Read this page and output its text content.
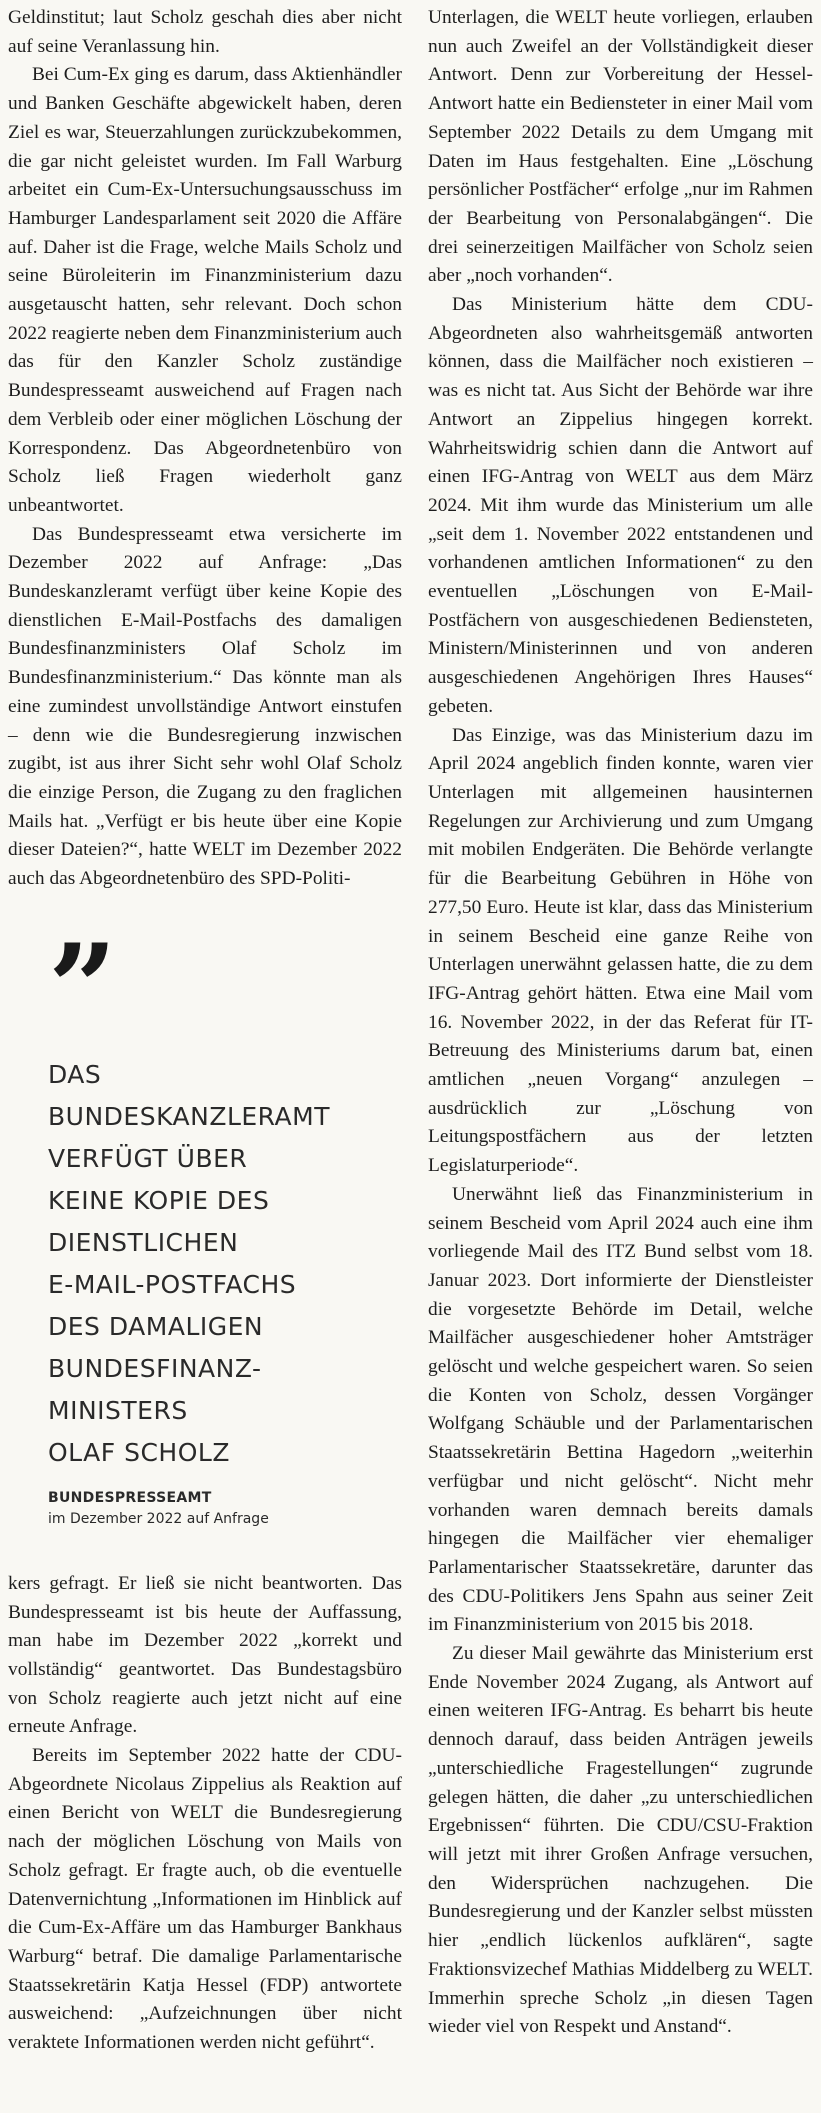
Geldinstitut; laut Scholz geschah dies aber nicht auf seine Veranlassung hin.

Bei Cum-Ex ging es darum, dass Aktienhändler und Banken Geschäfte abgewickelt haben, deren Ziel es war, Steuerzahlungen zurückzubekommen, die gar nicht geleistet wurden. Im Fall Warburg arbeitet ein Cum-Ex-Untersuchungsausschuss im Hamburger Landesparlament seit 2020 die Affäre auf. Daher ist die Frage, welche Mails Scholz und seine Büroleiterin im Finanzministerium dazu ausgetauscht hatten, sehr relevant. Doch schon 2022 reagierte neben dem Finanzministerium auch das für den Kanzler Scholz zuständige Bundespresseamt ausweichend auf Fragen nach dem Verbleib oder einer möglichen Löschung der Korrespondenz. Das Abgeordnetenbüro von Scholz ließ Fragen wiederholt ganz unbeantwortet.

Das Bundespresseamt etwa versicherte im Dezember 2022 auf Anfrage: „Das Bundeskanzleramt verfügt über keine Kopie des dienstlichen E-Mail-Postfachs des damaligen Bundesfinanzministers Olaf Scholz im Bundesfinanzministerium.“ Das könnte man als eine zumindest unvollständige Antwort einstufen – denn wie die Bundesregierung inzwischen zugibt, ist aus ihrer Sicht sehr wohl Olaf Scholz die einzige Person, die Zugang zu den fraglichen Mails hat. „Verfügt er bis heute über eine Kopie dieser Dateien?“, hatte WELT im Dezember 2022 auch das Abgeordnetenbüro des SPD-Politi-

”
DAS
BUNDESKANZLERAMT
VERFÜGT ÜBER
KEINE KOPIE DES
DIENSTLICHEN
E-MAIL-POSTFACHS
DES DAMALIGEN
BUNDESFINANZ-
MINISTERS
OLAF SCHOLZ
BUNDESPRESSEAMT
im Dezember 2022 auf Anfrage

kers gefragt. Er ließ sie nicht beantworten. Das Bundespresseamt ist bis heute der Auffassung, man habe im Dezember 2022 „korrekt und vollständig“ geantwortet. Das Bundestagsbüro von Scholz reagierte auch jetzt nicht auf eine erneute Anfrage.

Bereits im September 2022 hatte der CDU-Abgeordnete Nicolaus Zippelius als Reaktion auf einen Bericht von WELT die Bundesregierung nach der möglichen Löschung von Mails von Scholz gefragt. Er fragte auch, ob die eventuelle Datenvernichtung „Informationen im Hinblick auf die Cum-Ex-Affäre um das Hamburger Bankhaus Warburg“ betraf. Die damalige Parlamentarische Staatssekretärin Katja Hessel (FDP) antwortete ausweichend: „Aufzeichnungen über nicht veraktete Informationen werden nicht geführt“.

Unterlagen, die WELT heute vorliegen, erlauben nun auch Zweifel an der Vollständigkeit dieser Antwort. Denn zur Vorbereitung der Hessel-Antwort hatte ein Bediensteter in einer Mail vom September 2022 Details zu dem Umgang mit Daten im Haus festgehalten. Eine „Löschung persönlicher Postfächer“ erfolge „nur im Rahmen der Bearbeitung von Personalabgängen“. Die drei seinerzeitigen Mailfächer von Scholz seien aber „noch vorhanden“.

Das Ministerium hätte dem CDU-Abgeordneten also wahrheitsgemäß antworten können, dass die Mailfächer noch existieren – was es nicht tat. Aus Sicht der Behörde war ihre Antwort an Zippelius hingegen korrekt. Wahrheitswidrig schien dann die Antwort auf einen IFG-Antrag von WELT aus dem März 2024. Mit ihm wurde das Ministerium um alle „seit dem 1. November 2022 entstandenen und vorhandenen amtlichen Informationen“ zu den eventuellen „Löschungen von E-Mail-Postfächern von ausgeschiedenen Bediensteten, Ministern/Ministerinnen und von anderen ausgeschiedenen Angehörigen Ihres Hauses“ gebeten.

Das Einzige, was das Ministerium dazu im April 2024 angeblich finden konnte, waren vier Unterlagen mit allgemeinen hausinternen Regelungen zur Archivierung und zum Umgang mit mobilen Endgeräten. Die Behörde verlangte für die Bearbeitung Gebühren in Höhe von 277,50 Euro. Heute ist klar, dass das Ministerium in seinem Bescheid eine ganze Reihe von Unterlagen unerwähnt gelassen hatte, die zu dem IFG-Antrag gehört hätten. Etwa eine Mail vom 16. November 2022, in der das Referat für IT-Betreuung des Ministeriums darum bat, einen amtlichen „neuen Vorgang“ anzulegen – ausdrücklich zur „Löschung von Leitungspostfächern aus der letzten Legislaturperiode“.

Unerwähnt ließ das Finanzministerium in seinem Bescheid vom April 2024 auch eine ihm vorliegende Mail des ITZ Bund selbst vom 18. Januar 2023. Dort informierte der Dienstleister die vorgesetzte Behörde im Detail, welche Mailfächer ausgeschiedener hoher Amtsträger gelöscht und welche gespeichert waren. So seien die Konten von Scholz, dessen Vorgänger Wolfgang Schäuble und der Parlamentarischen Staatssekretärin Bettina Hagedorn „weiterhin verfügbar und nicht gelöscht“. Nicht mehr vorhanden waren demnach bereits damals hingegen die Mailfächer vier ehemaliger Parlamentarischer Staatssekretäre, darunter das des CDU-Politikers Jens Spahn aus seiner Zeit im Finanzministerium von 2015 bis 2018.

Zu dieser Mail gewährte das Ministerium erst Ende November 2024 Zugang, als Antwort auf einen weiteren IFG-Antrag. Es beharrt bis heute dennoch darauf, dass beiden Anträgen jeweils „unterschiedliche Fragestellungen“ zugrunde gelegen hätten, die daher „zu unterschiedlichen Ergebnissen“ führten. Die CDU/CSU-Fraktion will jetzt mit ihrer Großen Anfrage versuchen, den Widersprüchen nachzugehen. Die Bundesregierung und der Kanzler selbst müssten hier „endlich lückenlos aufklären“, sagte Fraktionsvizechef Mathias Middelberg zu WELT. Immerhin spreche Scholz „in diesen Tagen wieder viel von Respekt und Anstand“.
